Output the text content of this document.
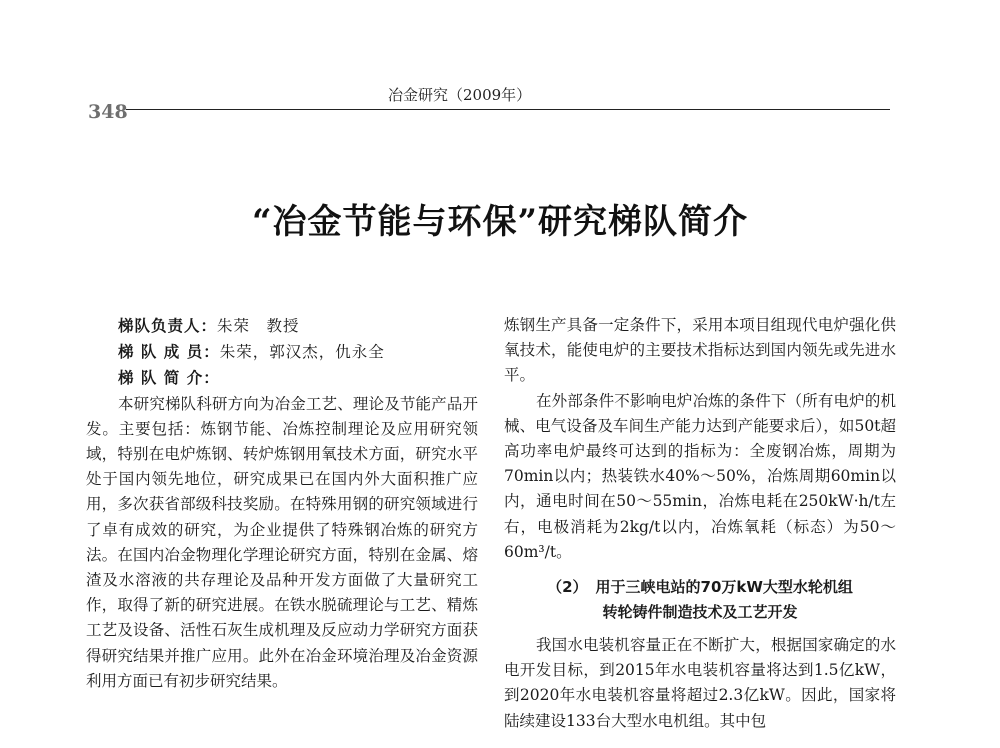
348
冶金研究（2009年）
“冶金节能与环保”研究梯队简介

梯队负责人：朱荣　教授

梯 队 成 员：朱荣，郭汉杰，仇永全

梯 队 简 介：

本研究梯队科研方向为冶金工艺、理论及节能产品开发。主要包括：炼钢节能、冶炼控制理论及应用研究领域，特别在电炉炼钢、转炉炼钢用氧技术方面，研究水平处于国内领先地位，研究成果已在国内外大面积推广应用，多次获省部级科技奖励。在特殊用钢的研究领域进行了卓有成效的研究，为企业提供了特殊钢冶炼的研究方法。在国内冶金物理化学理论研究方面，特别在金属、熔渣及水溶液的共存理论及品种开发方面做了大量研究工作，取得了新的研究进展。在铁水脱硫理论与工艺、精炼工艺及设备、活性石灰生成机理及反应动力学研究方面获得研究结果并推广应用。此外在冶金环境治理及冶金资源利用方面已有初步研究结果。

炼钢生产具备一定条件下，采用本项目组现代电炉强化供氧技术，能使电炉的主要技术指标达到国内领先或先进水平。

在外部条件不影响电炉冶炼的条件下（所有电炉的机械、电气设备及车间生产能力达到产能要求后），如50t超高功率电炉最终可达到的指标为：全废钢冶炼，周期为70min以内；热装铁水40%～50%，冶炼周期60min以内，通电时间在50～55min，冶炼电耗在250kW·h/t左右，电极消耗为2kg/t以内，冶炼氧耗（标态）为50～60m³/t。

（2） 用于三峡电站的70万kW大型水轮机组
转轮铸件制造技术及工艺开发

我国水电装机容量正在不断扩大，根据国家确定的水电开发目标，到2015年水电装机容量将达到1.5亿kW，到2020年水电装机容量将超过2.3亿kW。因此，国家将陆续建设133台大型水电机组。其中包
